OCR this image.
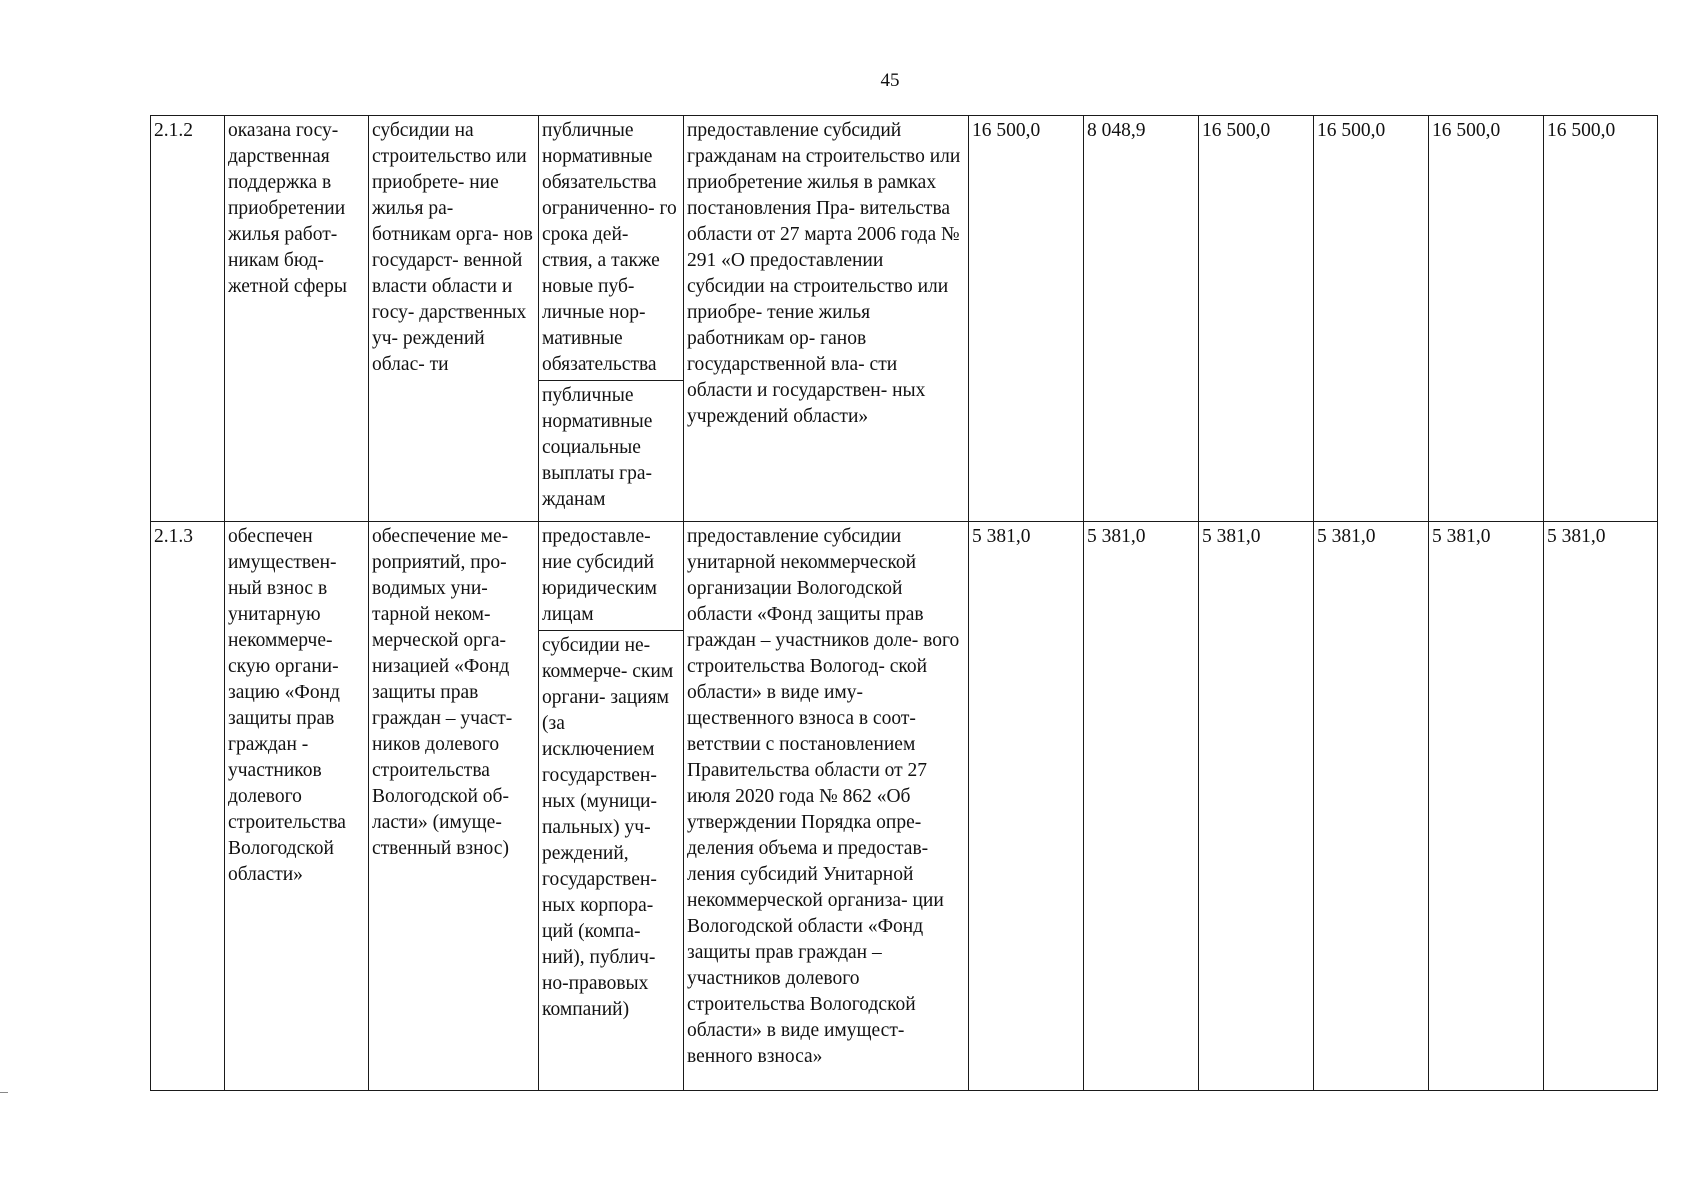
45
2.1.2	оказана госу- дарственная поддержка в приобретении жилья работ- никам бюд- жетной сферы	субсидии на строительство или приобрете- ние жилья ра- ботникам орга- нов государст- венной власти области и госу- дарственных уч- реждений облас- ти	публичные нормативные обязательства ограниченно- го срока дей- ствия, а также новые пуб- личные нор- мативные обязательства	предоставление субсидий гражданам на строительство или приобретение жилья в рамках постановления Пра- вительства области от 27 марта 2006 года № 291 «О предоставлении субсидии на строительство или приобре- тение жилья работникам ор- ганов государственной вла- сти области и государствен- ных учреждений области»	16 500,0	8 048,9	16 500,0	16 500,0	16 500,0	16 500,0
			публичные нормативные социальные выплаты гра- жданам							
2.1.3	обеспечен имуществен- ный взнос в унитарную некоммерче- скую органи- зацию «Фонд защиты прав граждан - участников долевого строительства Вологодской области»	обеспечение ме- роприятий, про- водимых уни- тарной неком- мерческой орга- низацией «Фонд защиты прав граждан – участ- ников долевого строительства Вологодской об- ласти» (имуще- ственный взнос)	предоставле- ние субсидий юридическим лицам	предоставление субсидии унитарной некоммерческой организации Вологодской области «Фонд защиты прав граждан – участников доле- вого строительства Вологод- ской области» в виде иму- щественного взноса в соот- ветствии с постановлением Правительства области от 27 июля 2020 года № 862 «Об утверждении Порядка опре- деления объема и предостав- ления субсидий Унитарной некоммерческой организа- ции Вологодской области «Фонд защиты прав граждан – участников долевого строительства Вологодской области» в виде имущест- венного взноса»	5 381,0	5 381,0	5 381,0	5 381,0	5 381,0	5 381,0
			субсидии не- коммерче- ским органи- зациям (за исключением государствен- ных (муници- пальных) уч- реждений, государствен- ных корпора- ций (компа- ний), публич- но-правовых компаний)							
